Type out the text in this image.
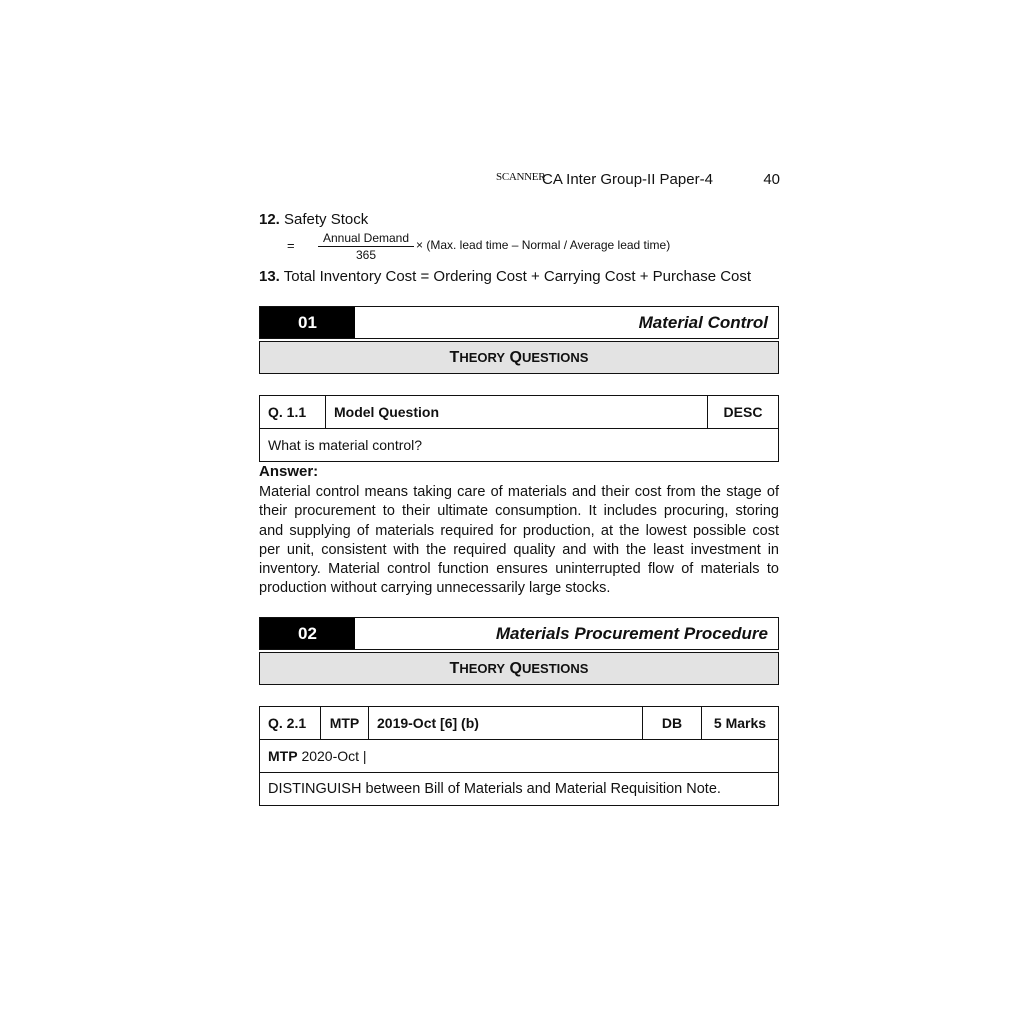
SCANNER
CA Inter Group-II Paper-4	40
12. Safety Stock
=	Annual Demand
365
× (Max. lead time – Normal / Average lead time)
13. Total Inventory Cost = Ordering Cost + Carrying Cost + Purchase Cost
01	Material Control
T HEORY
Q UESTIONS
Q. 1.1	Model Question	DESC
What is material control?
Answer:
Material control means taking care of materials and their cost from the stage of their procurement to their ultimate consumption. It includes procuring, storing and supplying of materials required for production, at the lowest possible cost per unit, consistent with the required quality and with the least investment in inventory. Material control function ensures uninterrupted flow of materials to production without carrying unnecessarily large stocks.
02	Materials Procurement Procedure
T HEORY
Q UESTIONS
Q. 2.1	MTP	2019-Oct [6] (b)	DB	5 Marks
MTP 2020-Oct |
DISTINGUISH between Bill of Materials and Material Requisition Note.
